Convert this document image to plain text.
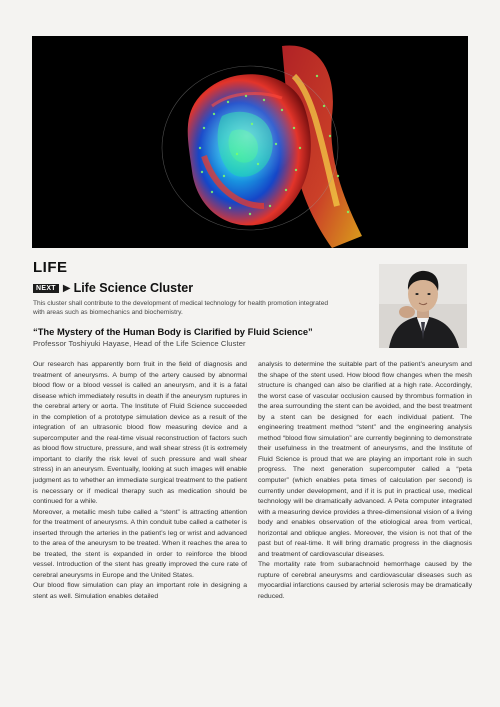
LIFE
NEXT ▶ Life Science Cluster
This cluster shall contribute to the development of medical technology for health promotion integrated with areas such as biomechanics and biochemistry.
“The Mystery of the Human Body is Clarified by Fluid Science”
Professor Toshiyuki Hayase, Head of the Life Science Cluster

Our research has apparently born fruit in the field of diagnosis and treatment of aneurysms. A bump of the artery caused by abnormal blood flow or a blood vessel is called an aneurysm, and it is a fatal disease which immediately results in death if the aneurysm ruptures in the cerebral artery or aorta. The Institute of Fluid Science succeeded in the completion of a prototype simulation device as a result of the integration of an ultrasonic blood flow measuring device and a supercomputer and the real-time visual reconstruction of factors such as blood flow structure, pressure, and wall shear stress (it is extremely important to clarify the risk level of such pressure and wall shear stress) in an aneurysm. Eventually, looking at such images will enable judgment as to whether an immediate surgical treatment to the patient is necessary or if medical therapy such as medication should be continued for a while.

Moreover, a metallic mesh tube called a “stent” is attracting attention for the treatment of aneurysms. A thin conduit tube called a catheter is inserted through the arteries in the patient’s leg or wrist and advanced to the area of the aneurysm to be treated. When it reaches the area to be treated, the stent is expanded in order to reinforce the blood vessel. Introduction of the stent has greatly improved the cure rate of cerebral aneurysms in Europe and the United States.

Our blood flow simulation can play an important role in designing a stent as well. Simulation enables detailed

analysis to determine the suitable part of the patient’s aneurysm and the shape of the stent used. How blood flow changes when the mesh structure is changed can also be clarified at a high rate. Accordingly, the worst case of vascular occlusion caused by thrombus formation in the area surrounding the stent can be avoided, and the best treatment by a stent can be designed for each individual patient. The engineering treatment method “stent” and the engineering analysis method “blood flow simulation” are currently beginning to demonstrate their usefulness in the treatment of aneurysms, and the Institute of Fluid Science is proud that we are playing an important role in such progress. The next generation supercomputer called a “peta computer” (which enables peta times of calculation per second) is currently under development, and if it is put in practical use, medical technology will be dramatically advanced. A Peta computer integrated with a measuring device provides a three-dimensional vision of a living body and enables observation of the etiological area from vertical, horizontal and oblique angles. Moreover, the vision is not that of the past but of real-time. It will bring dramatic progress in the diagnosis and treatment of cardiovascular diseases.

The mortality rate from subarachnoid hemorrhage caused by the rupture of cerebral aneurysms and cardiovascular diseases such as myocardial infarctions caused by arterial sclerosis may be dramatically reduced.
